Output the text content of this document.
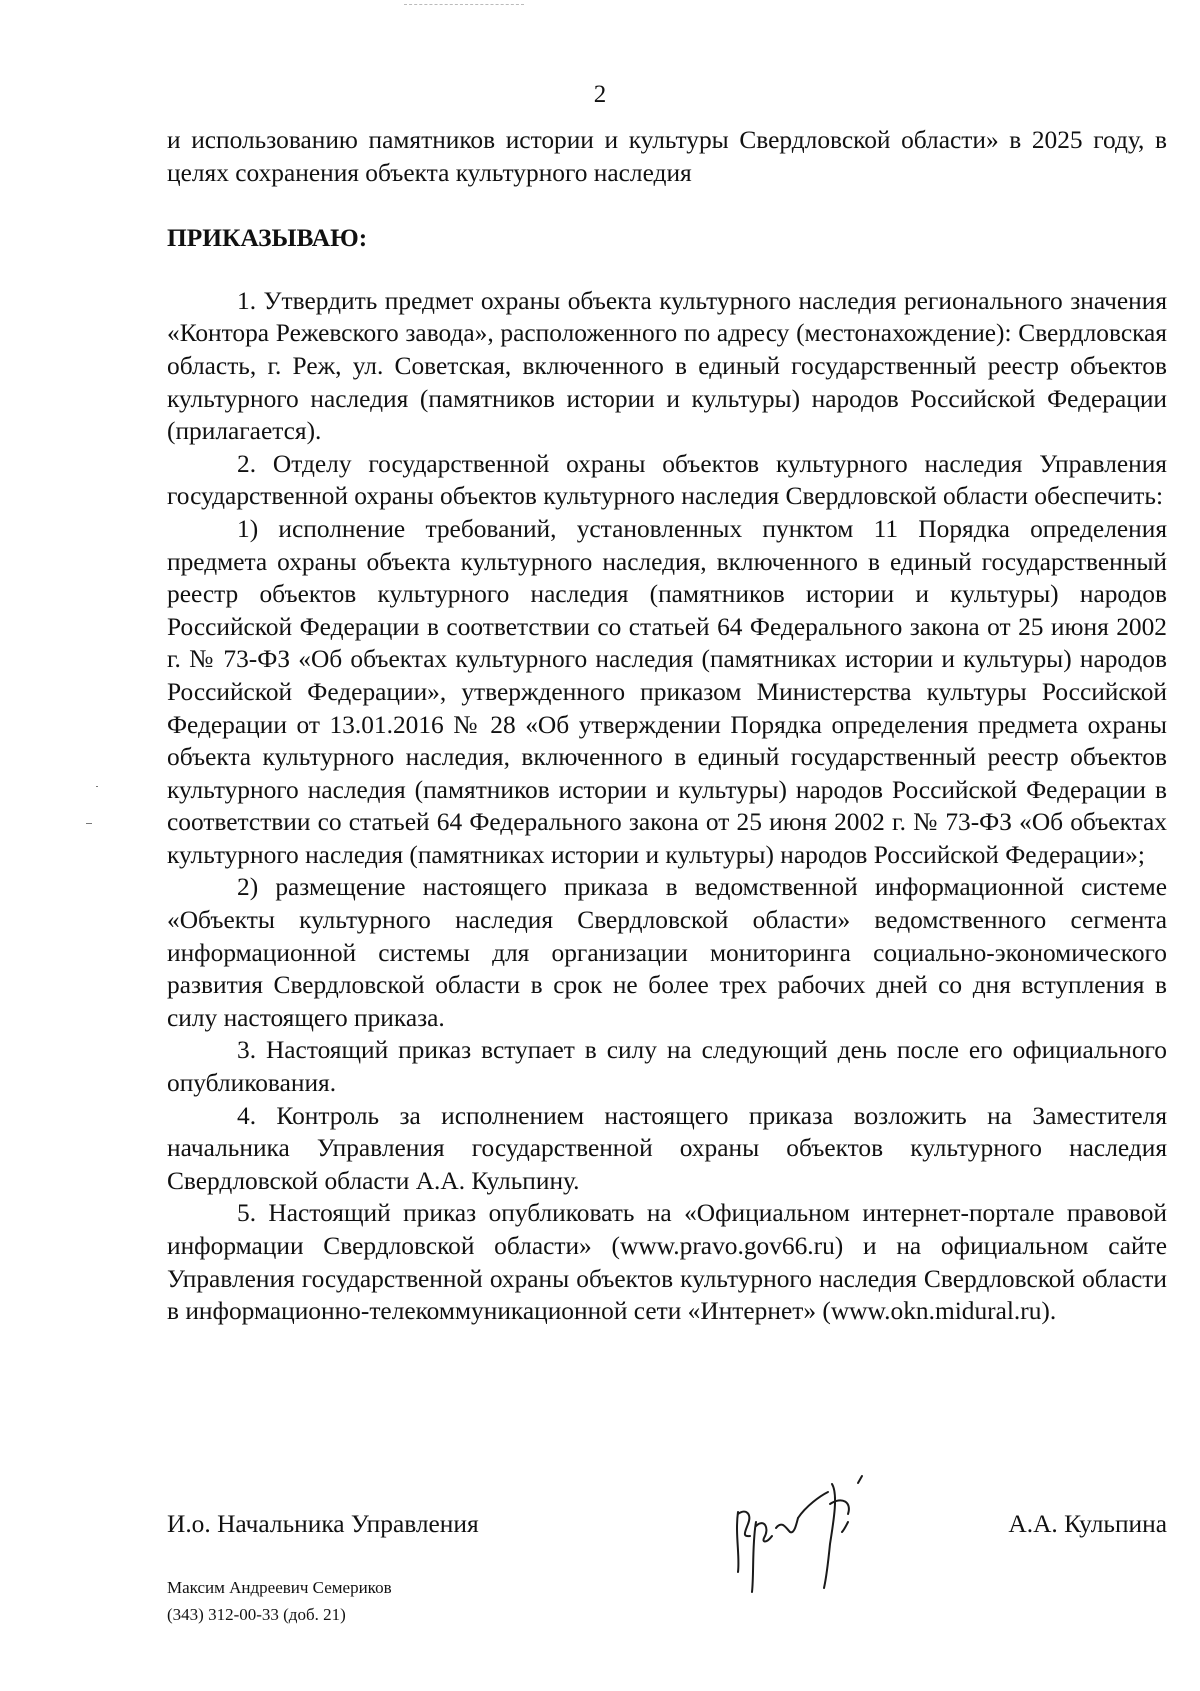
2

и использованию памятников истории и культуры Свердловской области» в 2025 году, в целях сохранения объекта культурного наследия

ПРИКАЗЫВАЮ:

1. Утвердить предмет охраны объекта культурного наследия регионального значения «Контора Режевского завода», расположенного по адресу (местонахождение): Свердловская область, г. Реж, ул. Советская, включенного в единый государственный реестр объектов культурного наследия (памятников истории и культуры) народов Российской Федерации (прилагается).

2. Отделу государственной охраны объектов культурного наследия Управления государственной охраны объектов культурного наследия Свердловской области обеспечить:

1) исполнение требований, установленных пунктом 11 Порядка определения предмета охраны объекта культурного наследия, включенного в единый государственный реестр объектов культурного наследия (памятников истории и культуры) народов Российской Федерации в соответствии со статьей 64 Федерального закона от 25 июня 2002 г. № 73-ФЗ «Об объектах культурного наследия (памятниках истории и культуры) народов Российской Федерации», утвержденного приказом Министерства культуры Российской Федерации от 13.01.2016 № 28 «Об утверждении Порядка определения предмета охраны объекта культурного наследия, включенного в единый государственный реестр объектов культурного наследия (памятников истории и культуры) народов Российской Федерации в соответствии со статьей 64 Федерального закона от 25 июня 2002 г. № 73-ФЗ «Об объектах культурного наследия (памятниках истории и культуры) народов Российской Федерации»;

2) размещение настоящего приказа в ведомственной информационной системе «Объекты культурного наследия Свердловской области» ведомственного сегмента информационной системы для организации мониторинга социально-экономического развития Свердловской области в срок не более трех рабочих дней со дня вступления в силу настоящего приказа.

3. Настоящий приказ вступает в силу на следующий день после его официального опубликования.

4. Контроль за исполнением настоящего приказа возложить на Заместителя начальника Управления государственной охраны объектов культурного наследия Свердловской области А.А. Кульпину.

5. Настоящий приказ опубликовать на «Официальном интернет-портале правовой информации Свердловской области» (www.pravo.gov66.ru) и на официальном сайте Управления государственной охраны объектов культурного наследия Свердловской области в информационно-телекоммуникационной сети «Интернет» (www.okn.midural.ru).

И.о. Начальника Управления	А.А. Кульпина
Максим Андреевич Семериков
(343) 312-00-33 (доб. 21)
